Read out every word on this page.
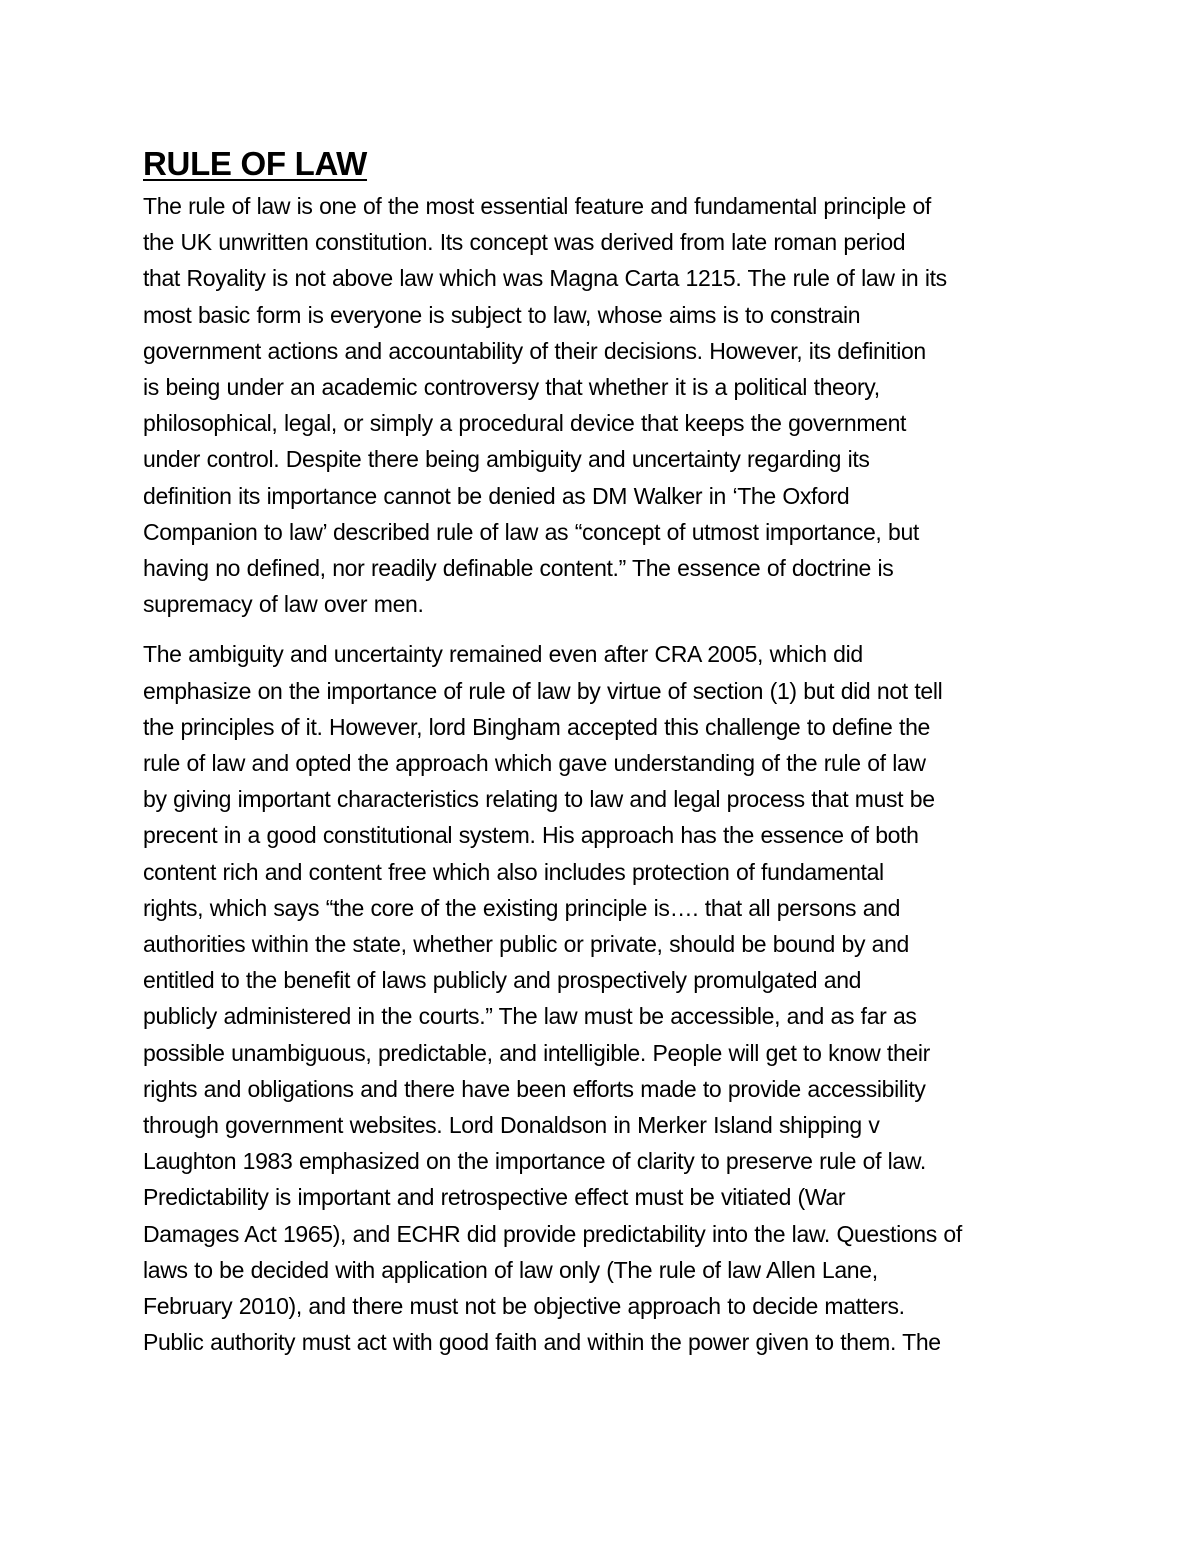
RULE OF LAW

The rule of law is one of the most essential feature and fundamental principle of
the UK unwritten constitution. Its concept was derived from late roman period
that Royality is not above law which was Magna Carta 1215. The rule of law in its
most basic form is everyone is subject to law, whose aims is to constrain
government actions and accountability of their decisions. However, its definition
is being under an academic controversy that whether it is a political theory,
philosophical, legal, or simply a procedural device that keeps the government
under control. Despite there being ambiguity and uncertainty regarding its
definition its importance cannot be denied as DM Walker in ‘The Oxford
Companion to law’ described rule of law as “concept of utmost importance, but
having no defined, nor readily definable content.” The essence of doctrine is
supremacy of law over men.

The ambiguity and uncertainty remained even after CRA 2005, which did
emphasize on the importance of rule of law by virtue of section (1) but did not tell
the principles of it. However, lord Bingham accepted this challenge to define the
rule of law and opted the approach which gave understanding of the rule of law
by giving important characteristics relating to law and legal process that must be
precent in a good constitutional system. His approach has the essence of both
content rich and content free which also includes protection of fundamental
rights, which says “the core of the existing principle is…. that all persons and
authorities within the state, whether public or private, should be bound by and
entitled to the benefit of laws publicly and prospectively promulgated and
publicly administered in the courts.” The law must be accessible, and as far as
possible unambiguous, predictable, and intelligible. People will get to know their
rights and obligations and there have been efforts made to provide accessibility
through government websites. Lord Donaldson in Merker Island shipping v
Laughton 1983 emphasized on the importance of clarity to preserve rule of law.
Predictability is important and retrospective effect must be vitiated (War
Damages Act 1965), and ECHR did provide predictability into the law. Questions of
laws to be decided with application of law only (The rule of law Allen Lane,
February 2010), and there must not be objective approach to decide matters.
Public authority must act with good faith and within the power given to them. The
